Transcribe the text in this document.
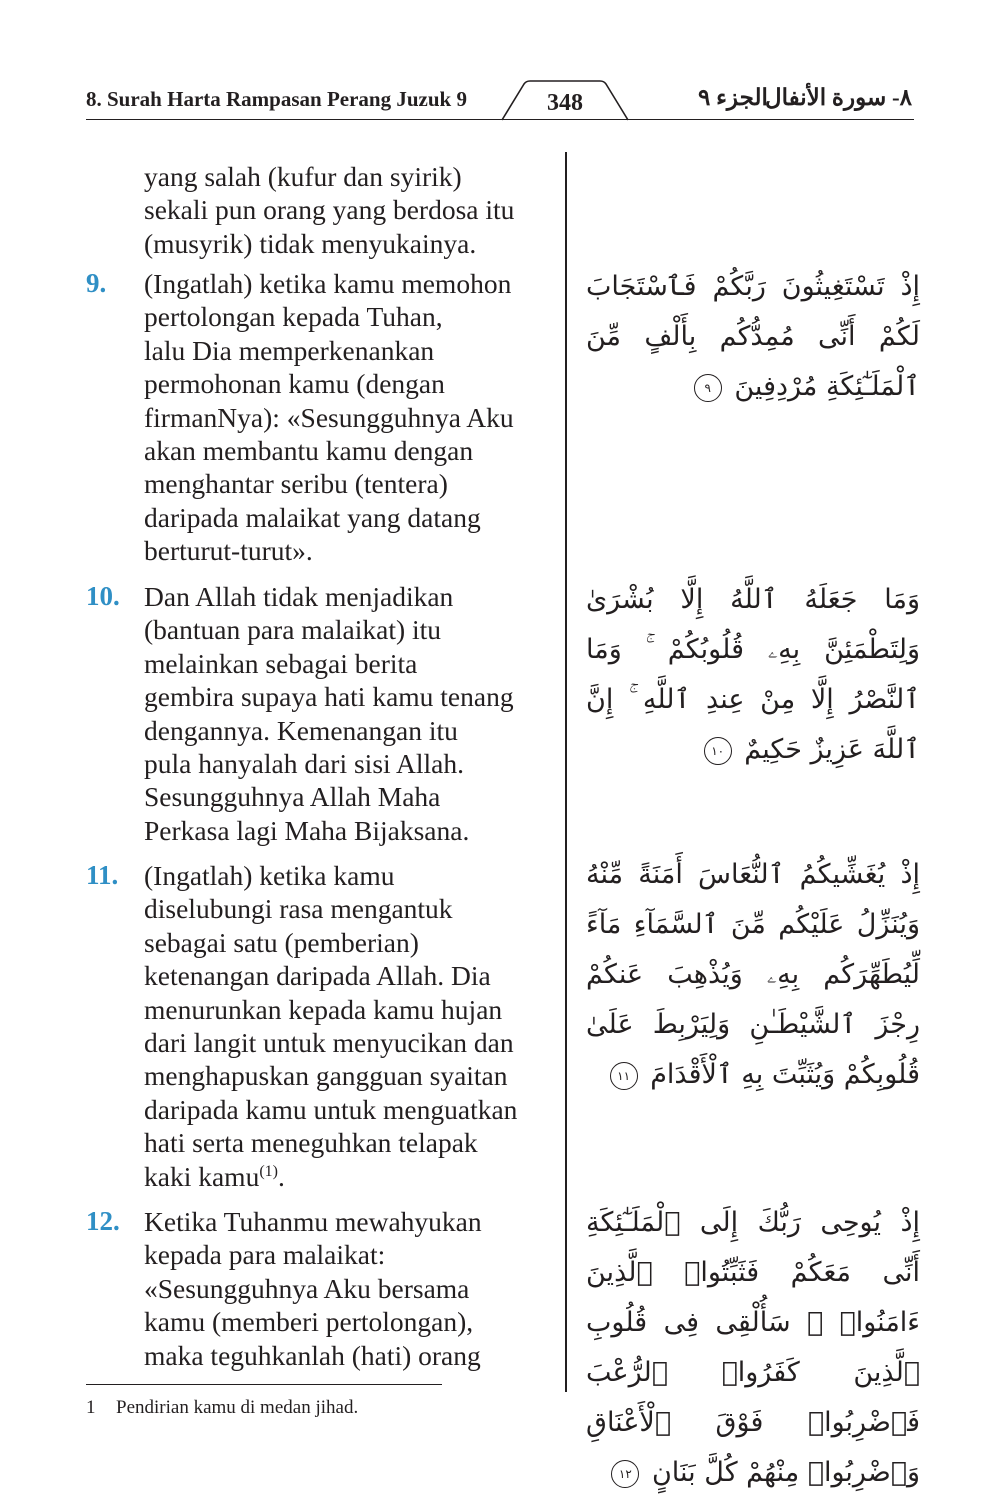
8. Surah Harta Rampasan Perang Juzuk 9	الجزء ٩
٨- سورة الأنفال
348
yang salah (kufur dan syirik)
sekali pun orang yang berdosa itu
(musyrik) tidak menyukainya.
9.	(Ingatlah) ketika kamu memohon
pertolongan kepada Tuhan,
lalu Dia memperkenankan
permohonan kamu (dengan
firmanNya): «Sesungguhnya Aku
akan membantu kamu dengan
menghantar seribu (tentera)
daripada malaikat yang datang
berturut-turut».
10. Dan Allah tidak menjadikan
(bantuan para malaikat) itu
melainkan sebagai berita
gembira supaya hati kamu tenang
dengannya. Kemenangan itu
pula hanyalah dari sisi Allah.
Sesungguhnya Allah Maha
Perkasa lagi Maha Bijaksana.
11. (Ingatlah) ketika kamu
diselubungi rasa mengantuk
sebagai satu (pemberian)
ketenangan daripada Allah. Dia
menurunkan kepada kamu hujan
dari langit untuk menyucikan dan
menghapuskan gangguan syaitan
daripada kamu untuk menguatkan
hati serta meneguhkan telapak
kaki kamu$^{(1)}$.
12. Ketika Tuhanmu mewahyukan
kepada para malaikat:
«Sesungguhnya Aku bersama
kamu (memberi pertolongan),
maka teguhkanlah (hati) orang
إِذْ تَسْتَغِيثُونَ رَبَّكُمْ فَٱسْتَجَابَ لَكُمْ أَنِّى مُمِدُّكُم بِأَلْفٍ مِّنَ ٱلْمَلَـٰٓئِكَةِ مُرْدِفِينَ ٩
وَمَا جَعَلَهُ ٱللَّهُ إِلَّا بُشْرَىٰ وَلِتَطْمَئِنَّ بِهِۦ قُلُوبُكُمْ ۚ وَمَا ٱلنَّصْرُ إِلَّا مِنْ عِندِ ٱللَّهِ ۚ إِنَّ ٱللَّهَ عَزِيزٌ حَكِيمٌ ١٠
إِذْ يُغَشِّيكُمُ ٱلنُّعَاسَ أَمَنَةً مِّنْهُ وَيُنَزِّلُ عَلَيْكُم مِّنَ ٱلسَّمَآءِ مَآءً لِّيُطَهِّرَكُم بِهِۦ وَيُذْهِبَ عَنكُمْ رِجْزَ ٱلشَّيْطَـٰنِ وَلِيَرْبِطَ عَلَىٰ قُلُوبِكُمْ وَيُثَبِّتَ بِهِ ٱلْأَقْدَامَ ١١
إِذْ يُوحِى رَبُّكَ إِلَى ٱلْمَلَـٰٓئِكَةِ أَنِّى مَعَكُمْ فَثَبِّتُوا۟ ٱلَّذِينَ ءَامَنُوا۟ ۚ سَأُلْقِى فِى قُلُوبِ ٱلَّذِينَ كَفَرُوا۟ ٱلرُّعْبَ فَٱضْرِبُوا۟ فَوْقَ ٱلْأَعْنَاقِ وَٱضْرِبُوا۟ مِنْهُمْ كُلَّ بَنَانٍ ١٢
1 Pendirian kamu di medan jihad.
